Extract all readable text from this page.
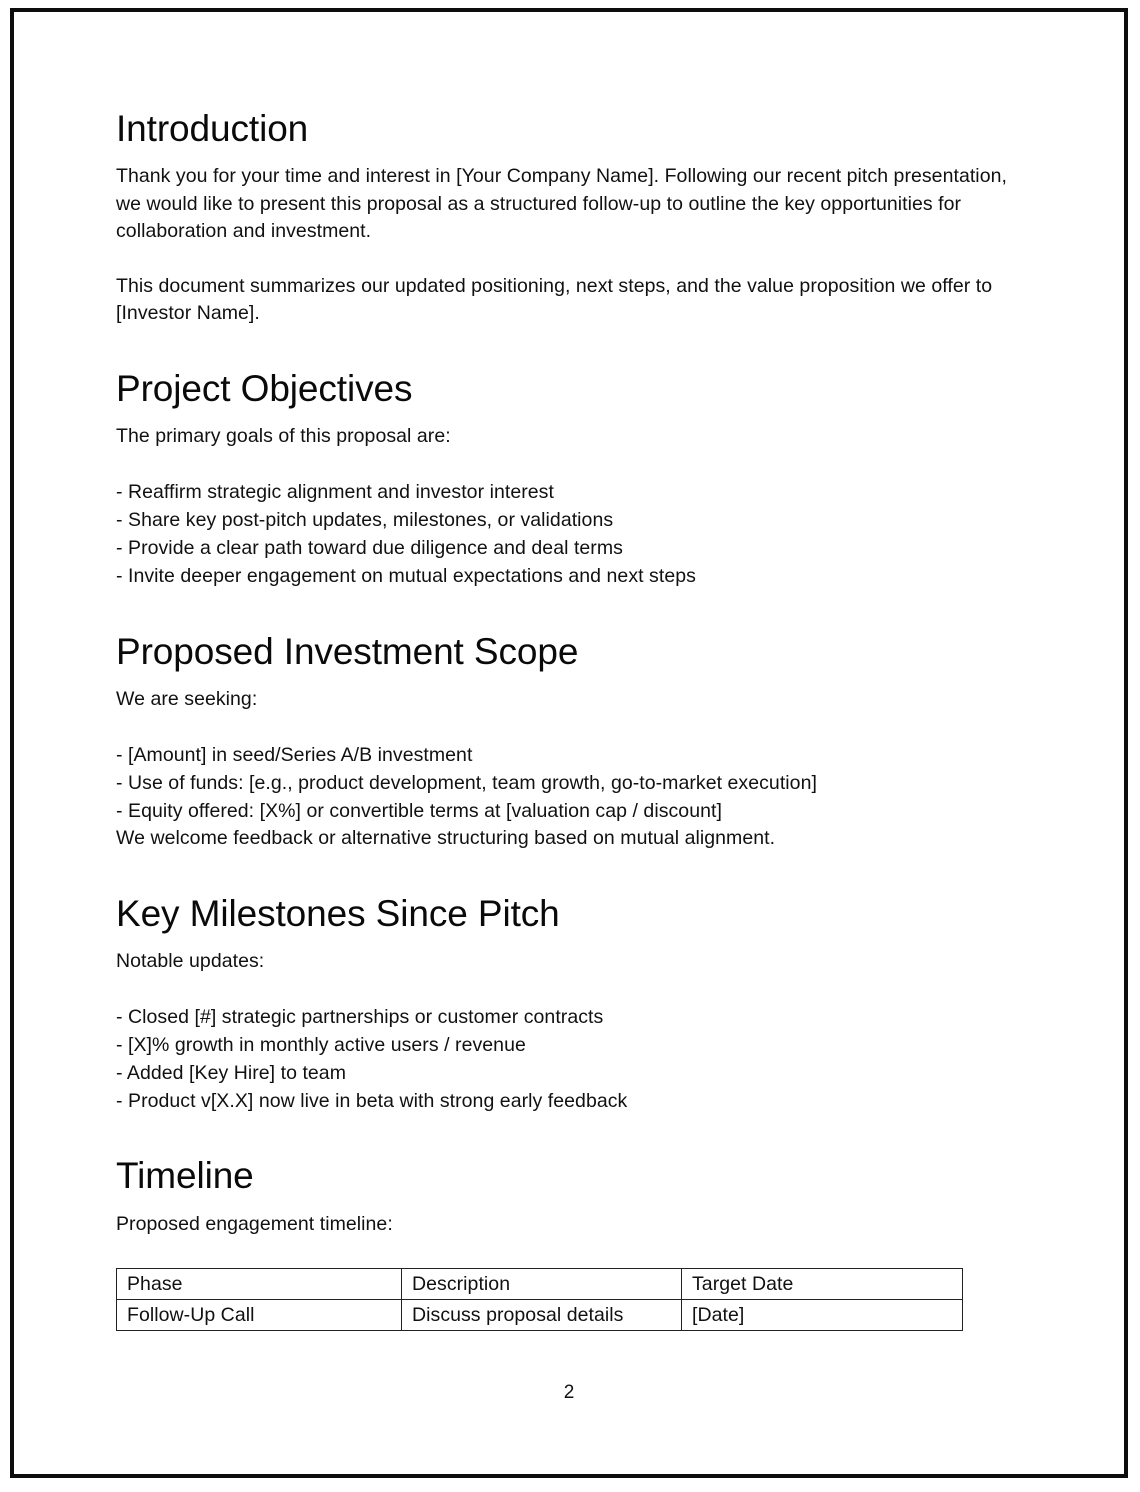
Introduction

Thank you for your time and interest in [Your Company Name]. Following our recent pitch presentation, we would like to present this proposal as a structured follow-up to outline the key opportunities for collaboration and investment.

This document summarizes our updated positioning, next steps, and the value proposition we offer to [Investor Name].

Project Objectives

The primary goals of this proposal are:

- Reaffirm strategic alignment and investor interest
- Share key post-pitch updates, milestones, or validations
- Provide a clear path toward due diligence and deal terms
- Invite deeper engagement on mutual expectations and next steps
Proposed Investment Scope

We are seeking:

- [Amount] in seed/Series A/B investment
- Use of funds: [e.g., product development, team growth, go-to-market execution]
- Equity offered: [X%] or convertible terms at [valuation cap / discount]

We welcome feedback or alternative structuring based on mutual alignment.

Key Milestones Since Pitch

Notable updates:

- Closed [#] strategic partnerships or customer contracts
- [X]% growth in monthly active users / revenue
- Added [Key Hire] to team
- Product v[X.X] now live in beta with strong early feedback
Timeline

Proposed engagement timeline:

Phase	Description	Target Date
Follow-Up Call	Discuss proposal details	[Date]
2
